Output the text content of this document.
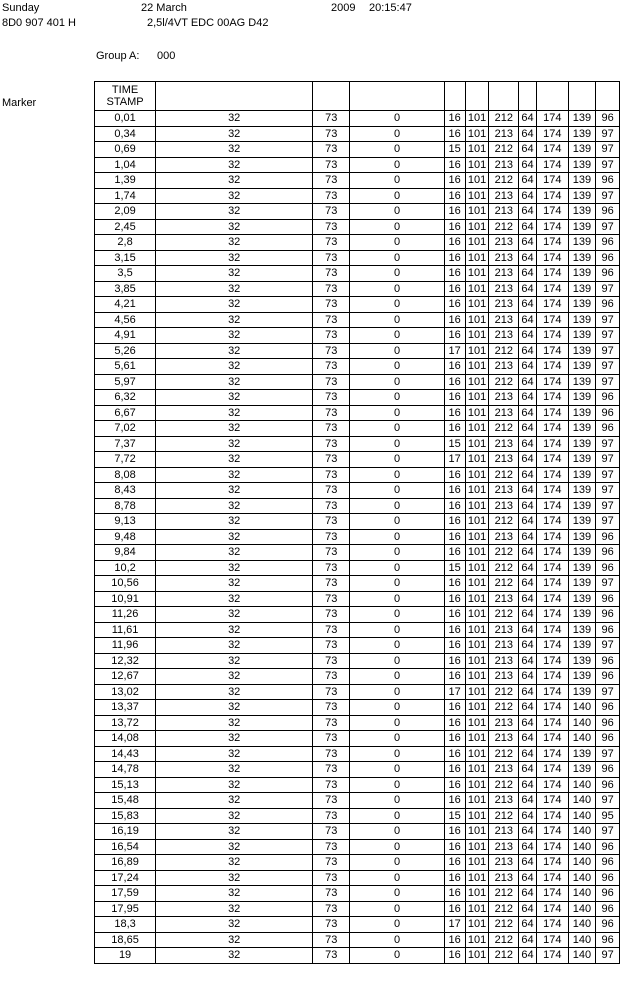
Sunday	22 March	2009 20:15:47
8D0 907 401 H	2,5l/4VT EDC 00AG D42
Group A: 000
Marker
TIME
STAMP										
0,01	32	73	0	16	101	212	64	174	139	96
0,34	32	73	0	16	101	213	64	174	139	97
0,69	32	73	0	15	101	212	64	174	139	97
1,04	32	73	0	16	101	213	64	174	139	97
1,39	32	73	0	16	101	212	64	174	139	96
1,74	32	73	0	16	101	213	64	174	139	97
2,09	32	73	0	16	101	213	64	174	139	96
2,45	32	73	0	16	101	212	64	174	139	97
2,8	32	73	0	16	101	213	64	174	139	96
3,15	32	73	0	16	101	213	64	174	139	96
3,5	32	73	0	16	101	213	64	174	139	96
3,85	32	73	0	16	101	213	64	174	139	97
4,21	32	73	0	16	101	213	64	174	139	96
4,56	32	73	0	16	101	213	64	174	139	97
4,91	32	73	0	16	101	213	64	174	139	97
5,26	32	73	0	17	101	212	64	174	139	97
5,61	32	73	0	16	101	213	64	174	139	97
5,97	32	73	0	16	101	212	64	174	139	97
6,32	32	73	0	16	101	213	64	174	139	96
6,67	32	73	0	16	101	213	64	174	139	96
7,02	32	73	0	16	101	212	64	174	139	96
7,37	32	73	0	15	101	213	64	174	139	97
7,72	32	73	0	17	101	213	64	174	139	97
8,08	32	73	0	16	101	212	64	174	139	97
8,43	32	73	0	16	101	213	64	174	139	97
8,78	32	73	0	16	101	213	64	174	139	97
9,13	32	73	0	16	101	212	64	174	139	97
9,48	32	73	0	16	101	213	64	174	139	96
9,84	32	73	0	16	101	212	64	174	139	96
10,2	32	73	0	15	101	212	64	174	139	96
10,56	32	73	0	16	101	212	64	174	139	97
10,91	32	73	0	16	101	213	64	174	139	96
11,26	32	73	0	16	101	212	64	174	139	96
11,61	32	73	0	16	101	213	64	174	139	96
11,96	32	73	0	16	101	213	64	174	139	97
12,32	32	73	0	16	101	213	64	174	139	96
12,67	32	73	0	16	101	213	64	174	139	96
13,02	32	73	0	17	101	212	64	174	139	97
13,37	32	73	0	16	101	212	64	174	140	96
13,72	32	73	0	16	101	213	64	174	140	96
14,08	32	73	0	16	101	213	64	174	140	96
14,43	32	73	0	16	101	212	64	174	139	97
14,78	32	73	0	16	101	213	64	174	139	96
15,13	32	73	0	16	101	212	64	174	140	96
15,48	32	73	0	16	101	213	64	174	140	97
15,83	32	73	0	15	101	212	64	174	140	95
16,19	32	73	0	16	101	213	64	174	140	97
16,54	32	73	0	16	101	213	64	174	140	96
16,89	32	73	0	16	101	213	64	174	140	96
17,24	32	73	0	16	101	213	64	174	140	96
17,59	32	73	0	16	101	212	64	174	140	96
17,95	32	73	0	16	101	212	64	174	140	96
18,3	32	73	0	17	101	212	64	174	140	96
18,65	32	73	0	16	101	212	64	174	140	96
19	32	73	0	16	101	212	64	174	140	97
